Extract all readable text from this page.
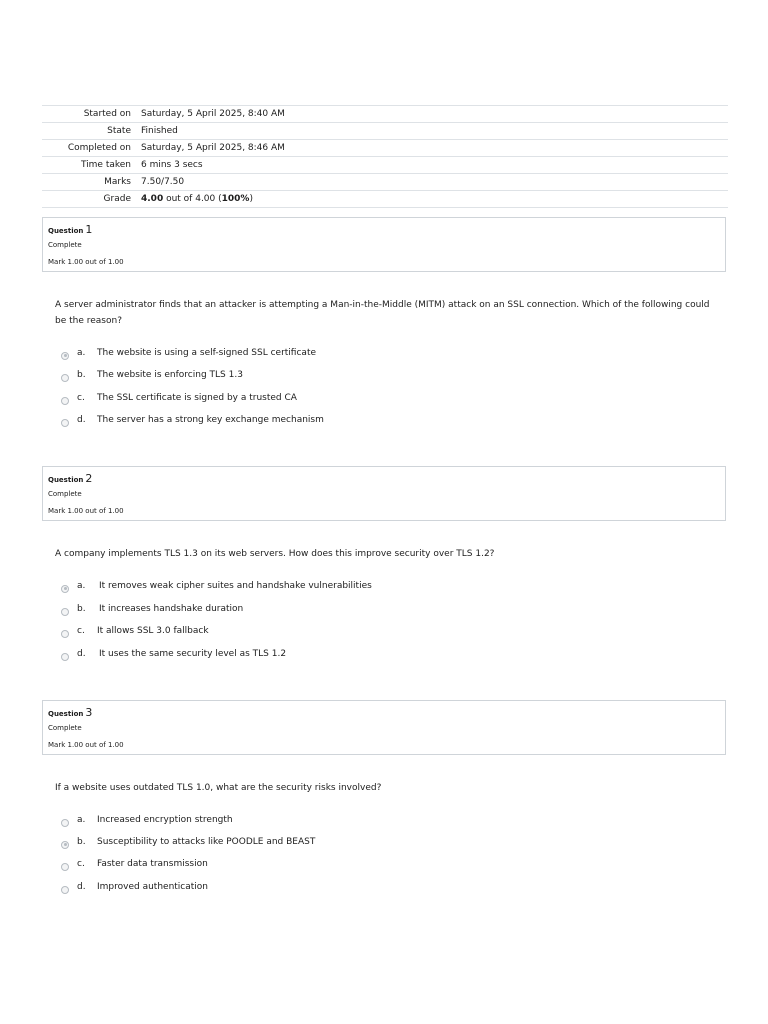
Started on	Saturday, 5 April 2025, 8:40 AM
State	Finished
Completed on	Saturday, 5 April 2025, 8:46 AM
Time taken	6 mins 3 secs
Marks	7.50/7.50
Grade	4.00 out of 4.00 (100%)
Question 1
Complete
Mark 1.00 out of 1.00
A server administrator finds that an attacker is attempting a Man-in-the-Middle (MITM) attack on an SSL connection. Which of the following could be the reason?
a.	The website is using a self-signed SSL certificate
b.	The website is enforcing TLS 1.3
c.	The SSL certificate is signed by a trusted CA
d.	The server has a strong key exchange mechanism
Question 2
Complete
Mark 1.00 out of 1.00
A company implements TLS 1.3 on its web servers. How does this improve security over TLS 1.2?
a.	It removes weak cipher suites and handshake vulnerabilities
b.	It increases handshake duration
c.	It allows SSL 3.0 fallback
d.	It uses the same security level as TLS 1.2
Question 3
Complete
Mark 1.00 out of 1.00
If a website uses outdated TLS 1.0, what are the security risks involved?
a.	Increased encryption strength
b.	Susceptibility to attacks like POODLE and BEAST
c.	Faster data transmission
d.	Improved authentication
